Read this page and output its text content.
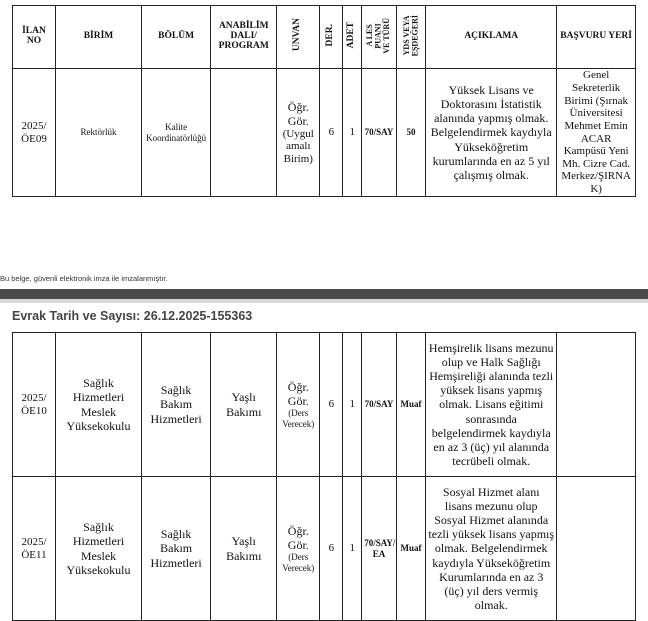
İLAN NO	BİRİM	BÖLÜM	ANABİLİM DALI/ PROGRAM	UNVAN	DER.	ADET	A LES
PUANI
VE TÜRÜ	YDS VEYA
EŞDEĞERİ	AÇIKLAMA	BAŞVURU YERİ
2025/ ÖE09	Rektörlük	Kalite Koordinatörlüğü		Öğr. Gör.
(Uygul amalı Birim)	6	1	70/SAY	50	Yüksek Lisans ve Doktorasını İstatistik alanında yapmış olmak. Belgelendirmek kaydıyla Yükseköğretim kurumlarında en az 5 yıl çalışmış olmak.	Genel Sekreterlik Birimi (Şırnak Üniversitesi Mehmet Emin ACAR Kampüsü Yeni Mh. Cizre Cad. Merkez/ŞIRNA K)
Bu belge, güvenli elektronik imza ile imzalanmıştır.
Evrak Tarih ve Sayısı: 26.12.2025-155363
2025/ ÖE10	Sağlık Hizmetleri Meslek Yüksekokulu	Sağlık Bakım Hizmetleri	Yaşlı Bakımı	Öğr. Gör.
(Ders Verecek)	6	1	70/SAY	Muaf	Hemşirelik lisans mezunu olup ve Halk Sağlığı Hemşireliği alanında tezli yüksek lisans yapmış olmak. Lisans eğitimi sonrasında belgelendirmek kaydıyla en az 3 (üç) yıl alanında tecrübeli olmak.	
2025/ ÖE11	Sağlık Hizmetleri Meslek Yüksekokulu	Sağlık Bakım Hizmetleri	Yaşlı Bakımı	Öğr. Gör.
(Ders Verecek)	6	1	70/SAY/ EA	Muaf	Sosyal Hizmet alanı lisans mezunu olup Sosyal Hizmet alanında tezli yüksek lisans yapmış olmak. Belgelendirmek kaydıyla Yükseköğretim Kurumlarında en az 3 (üç) yıl ders vermiş olmak.	
